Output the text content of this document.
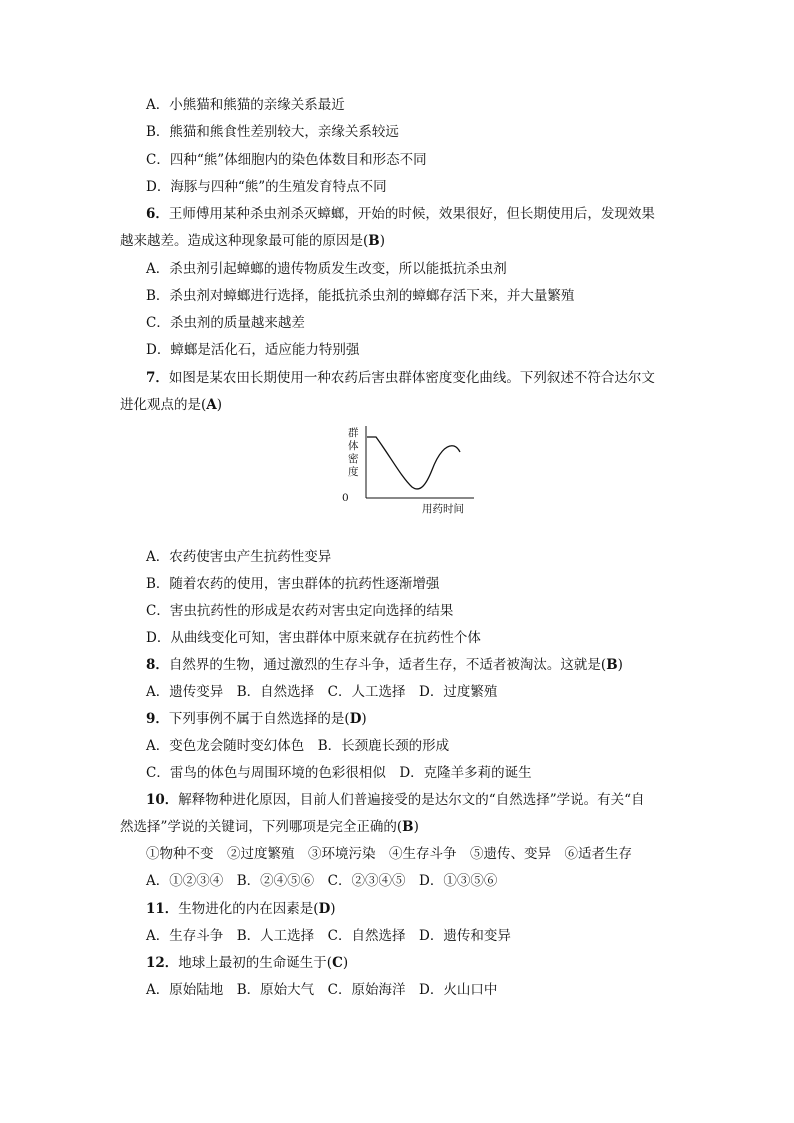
A．小熊猫和熊猫的亲缘关系最近
B．熊猫和熊食性差别较大，亲缘关系较远
C．四种“熊”体细胞内的染色体数目和形态不同
D．海豚与四种“熊”的生殖发育特点不同
6．王师傅用某种杀虫剂杀灭蟑螂，开始的时候，效果很好，但长期使用后，发现效果
越来越差。造成这种现象最可能的原因是(B)
A．杀虫剂引起蟑螂的遗传物质发生改变，所以能抵抗杀虫剂
B．杀虫剂对蟑螂进行选择，能抵抗杀虫剂的蟑螂存活下来，并大量繁殖
C．杀虫剂的质量越来越差
D．蟑螂是活化石，适应能力特别强
7．如图是某农田长期使用一种农药后害虫群体密度变化曲线。下列叙述不符合达尔文
进化观点的是(A)
群
体
密
度
0
用药时间
A．农药使害虫产生抗药性变异
B．随着农药的使用，害虫群体的抗药性逐渐增强
C．害虫抗药性的形成是农药对害虫定向选择的结果
D．从曲线变化可知，害虫群体中原来就存在抗药性个体
8．自然界的生物，通过激烈的生存斗争，适者生存，不适者被淘汰。这就是(B)
A．遗传变异　B．自然选择　C．人工选择　D．过度繁殖
9．下列事例不属于自然选择的是(D)
A．变色龙会随时变幻体色　B．长颈鹿长颈的形成
C．雷鸟的体色与周围环境的色彩很相似　D．克隆羊多莉的诞生
10．解释物种进化原因，目前人们普遍接受的是达尔文的“自然选择”学说。有关“自
然选择”学说的关键词，下列哪项是完全正确的(B)
①物种不变　②过度繁殖　③环境污染　④生存斗争　⑤遗传、变异　⑥适者生存
A．①②③④　B．②④⑤⑥　C．②③④⑤　D．①③⑤⑥
11．生物进化的内在因素是(D)
A．生存斗争　B．人工选择　C．自然选择　D．遗传和变异
12．地球上最初的生命诞生于(C)
A．原始陆地　B．原始大气　C．原始海洋　D．火山口中
